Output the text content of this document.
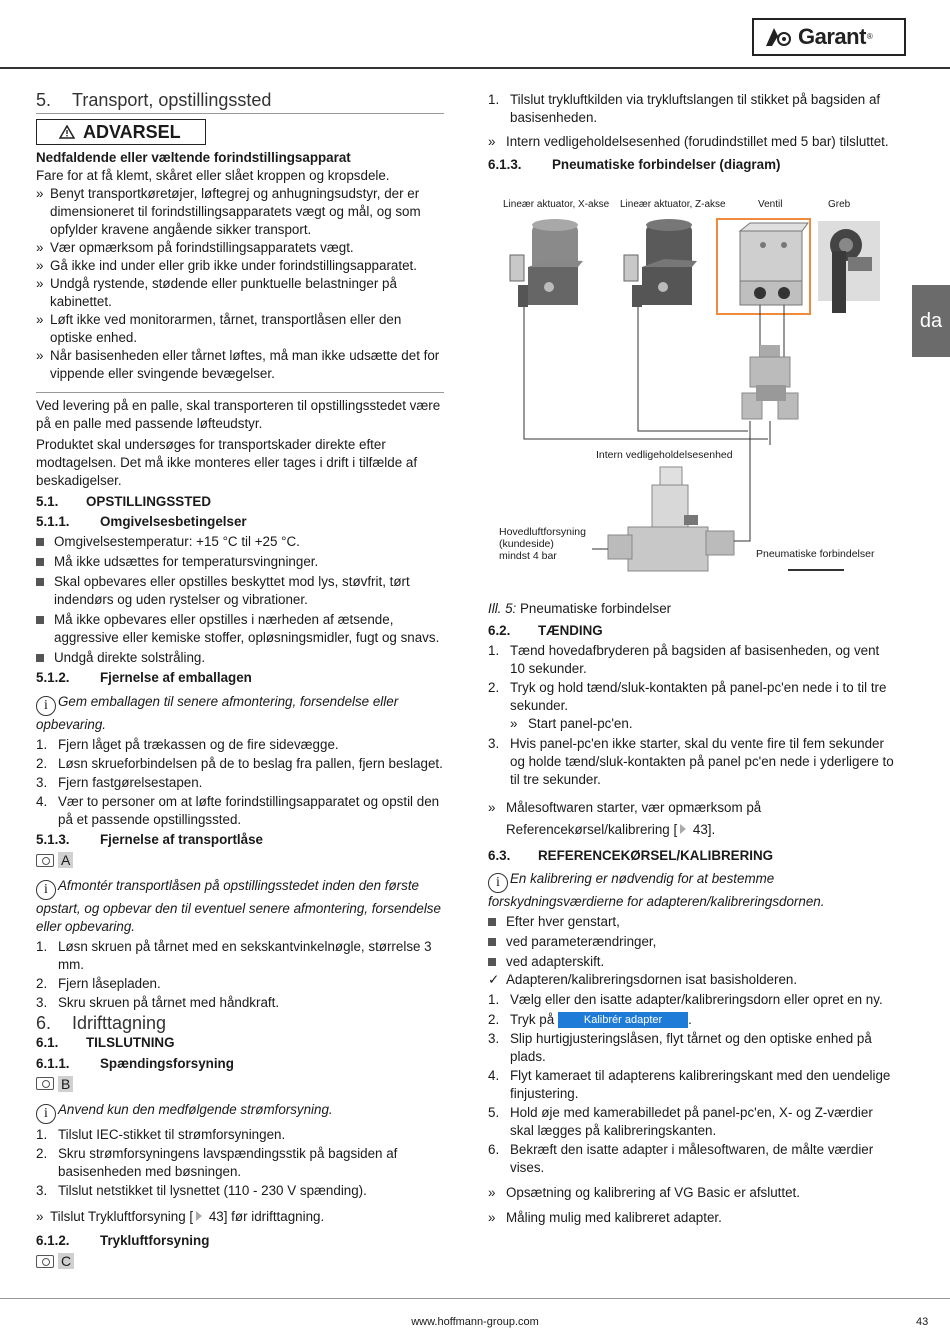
Garant ®
da
5. Transport, opstillingssted
ADVARSEL
Nedfaldende eller væltende forindstillingsapparat
Fare for at få klemt, skåret eller slået kroppen og kropsdele.
» Benyt transportkøretøjer, løftegrej og anhugningsudstyr, der er dimensioneret til forindstillingsapparatets vægt og mål, og som opfylder kravene angående sikker transport.
» Vær opmærksom på forindstillingsapparatets vægt.
» Gå ikke ind under eller grib ikke under forindstillingsapparatet.
» Undgå rystende, stødende eller punktuelle belastninger på kabinettet.
» Løft ikke ved monitorarmen, tårnet, transportlåsen eller den optiske enhed.
» Når basisenheden eller tårnet løftes, må man ikke udsætte det for vippende eller svingende bevægelser.
Ved levering på en palle, skal transporteren til opstillingsstedet være på en palle med passende løfteudstyr.
Produktet skal undersøges for transportskader direkte efter modtagelsen. Det må ikke monteres eller tages i drift i tilfælde af beskadigelser.
5.1. OPSTILLINGSSTED
5.1.1. Omgivelsesbetingelser
Omgivelsestemperatur: +15 °C til +25 °C.
Må ikke udsættes for temperatursvingninger.
Skal opbevares eller opstilles beskyttet mod lys, støvfrit, tørt indendørs og uden rystelser og vibrationer.
Må ikke opbevares eller opstilles i nærheden af ætsende, aggressive eller kemiske stoffer, opløsningsmidler, fugt og snavs.
Undgå direkte solstråling.
5.1.2. Fjernelse af emballagen
i Gem emballagen til senere afmontering, forsendelse eller opbevaring.
1. Fjern låget på trækassen og de fire sidevægge.
2. Løsn skrueforbindelsen på de to beslag fra pallen, fjern beslaget.
3. Fjern fastgørelsestapen.
4. Vær to personer om at løfte forindstillingsapparatet og opstil den på et passende opstillingssted.
5.1.3. Fjernelse af transportlåse
A
i Afmontér transportlåsen på opstillingsstedet inden den første opstart, og opbevar den til eventuel senere afmontering, forsendelse eller opbevaring.
1. Løsn skruen på tårnet med en sekskantvinkelnøgle, størrelse 3 mm.
2. Fjern låsepladen.
3. Skru skruen på tårnet med håndkraft.
6. Idrifttagning
6.1. TILSLUTNING
6.1.1. Spændingsforsyning
B
i Anvend kun den medfølgende strømforsyning.
1. Tilslut IEC-stikket til strømforsyningen.
2. Skru strømforsyningens lavspændingsstik på bagsiden af basisenheden med bøsningen.
3. Tilslut netstikket til lysnettet (110 - 230 V spænding).
» Tilslut Trykluftforsyning [ 43] før idrifttagning.
6.1.2. Trykluftforsyning
C
1. Tilslut trykluftkilden via trykluftslangen til stikket på bagsiden af basisenheden.
» Intern vedligeholdelsesenhed (forudindstillet med 5 bar) tilsluttet.
6.1.3. Pneumatiske forbindelser (diagram)
Lineær aktuator, X-akse Lineær aktuator, Z-akse	Ventil	Greb
Intern vedligeholdelsesenhed
Hovedluftforsyning
(kundeside)
mindst 4 bar	Pneumatiske forbindelser
Ill. 5: Pneumatiske forbindelser
6.2. TÆNDING
1. Tænd hovedafbryderen på bagsiden af basisenheden, og vent 10 sekunder.
2. Tryk og hold tænd/sluk-kontakten på panel-pc'en nede i to til tre sekunder.
» Start panel-pc'en.
3. Hvis panel-pc'en ikke starter, skal du vente fire til fem sekunder og holde tænd/sluk-kontakten på panel pc'en nede i yderligere to til tre sekunder.
» Målesoftwaren starter, vær opmærksom på Referencekørsel/kalibrering [ 43].
6.3. REFERENCEKØRSEL/KALIBRERING
i En kalibrering er nødvendig for at bestemme forskydningsværdierne for adapteren/kalibreringsdornen.
Efter hver genstart,
ved parameterændringer,
ved adapterskift.
✓ Adapteren/kalibreringsdornen isat basisholderen.
1. Vælg eller den isatte adapter/kalibreringsdorn eller opret en ny.
2. Tryk på	Kalibrér adapter .
3. Slip hurtigjusteringslåsen, flyt tårnet og den optiske enhed på plads.
4. Flyt kameraet til adapterens kalibreringskant med den uendelige finjustering.
5. Hold øje med kamerabilledet på panel-pc'en, X- og Z-værdier skal lægges på kalibreringskanten.
6. Bekræft den isatte adapter i målesoftwaren, de målte værdier vises.
» Opsætning og kalibrering af VG Basic er afsluttet.
» Måling mulig med kalibreret adapter.
www.hoffmann-group.com	43
